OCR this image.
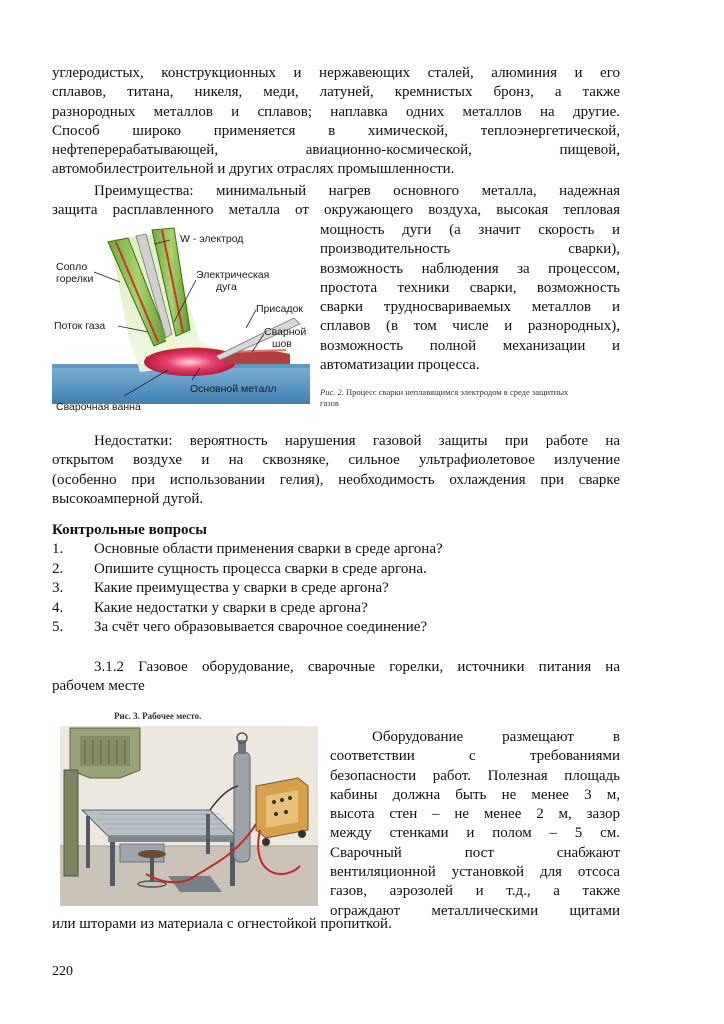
углеродистых, конструкционных и нержавеющих сталей, алюминия и его
сплавов, титана, никеля, меди, латуней, кремнистых бронз, а также
разнородных металлов и сплавов; наплавка одних металлов на другие.
Способ широко применяется в химической, теплоэнергетической,
нефтеперерабатывающей, авиационно-космической, пищевой,
автомобилестроительной и других отраслях промышленности.
Преимущества: минимальный нагрев основного металла, надежная
защита расплавленного металла от окружающего воздуха, высокая тепловая
мощность дуги (а значит скорость и
производительность сварки),
возможность наблюдения за процессом,
простота техники сварки, возможность
сварки трудносвариваемых металлов и
сплавов (в том числе и разнородных),
возможность полной механизации и
автоматизации процесса.
W - электрод
Сопло
горелки	Электрическая
дуга
Поток газа
Присадок
Сварной
шов
Основной металл
Сварочная ванна
Рис. 2. Процесс сварки неплавящимся электродом в среде защитных
газов
Недостатки: вероятность нарушения газовой защиты при работе на
открытом воздухе и на сквозняке, сильное ультрафиолетовое излучение
(особенно при использовании гелия), необходимость охлаждения при сварке
высокоамперной дугой.
Контрольные вопросы
1. Основные области применения сварки в среде аргона?
2. Опишите сущность процесса сварки в среде аргона.
3. Какие преимущества у сварки в среде аргона?
4. Какие недостатки у сварки в среде аргона?
5. За счёт чего образовывается сварочное соединение?
3.1.2 Газовое оборудование, сварочные горелки, источники питания на
рабочем месте
Рис. 3. Рабочее место.
Оборудование размещают в
соответствии с требованиями
безопасности работ. Полезная площадь
кабины должна быть не менее 3 м,
высота стен – не менее 2 м, зазор
между стенками и полом – 5 см.
Сварочный пост снабжают
вентиляционной установкой для отсоса
газов, аэрозолей и т.д., а также
ограждают металлическими щитами
или шторами из материала с огнестойкой пропиткой.
220
